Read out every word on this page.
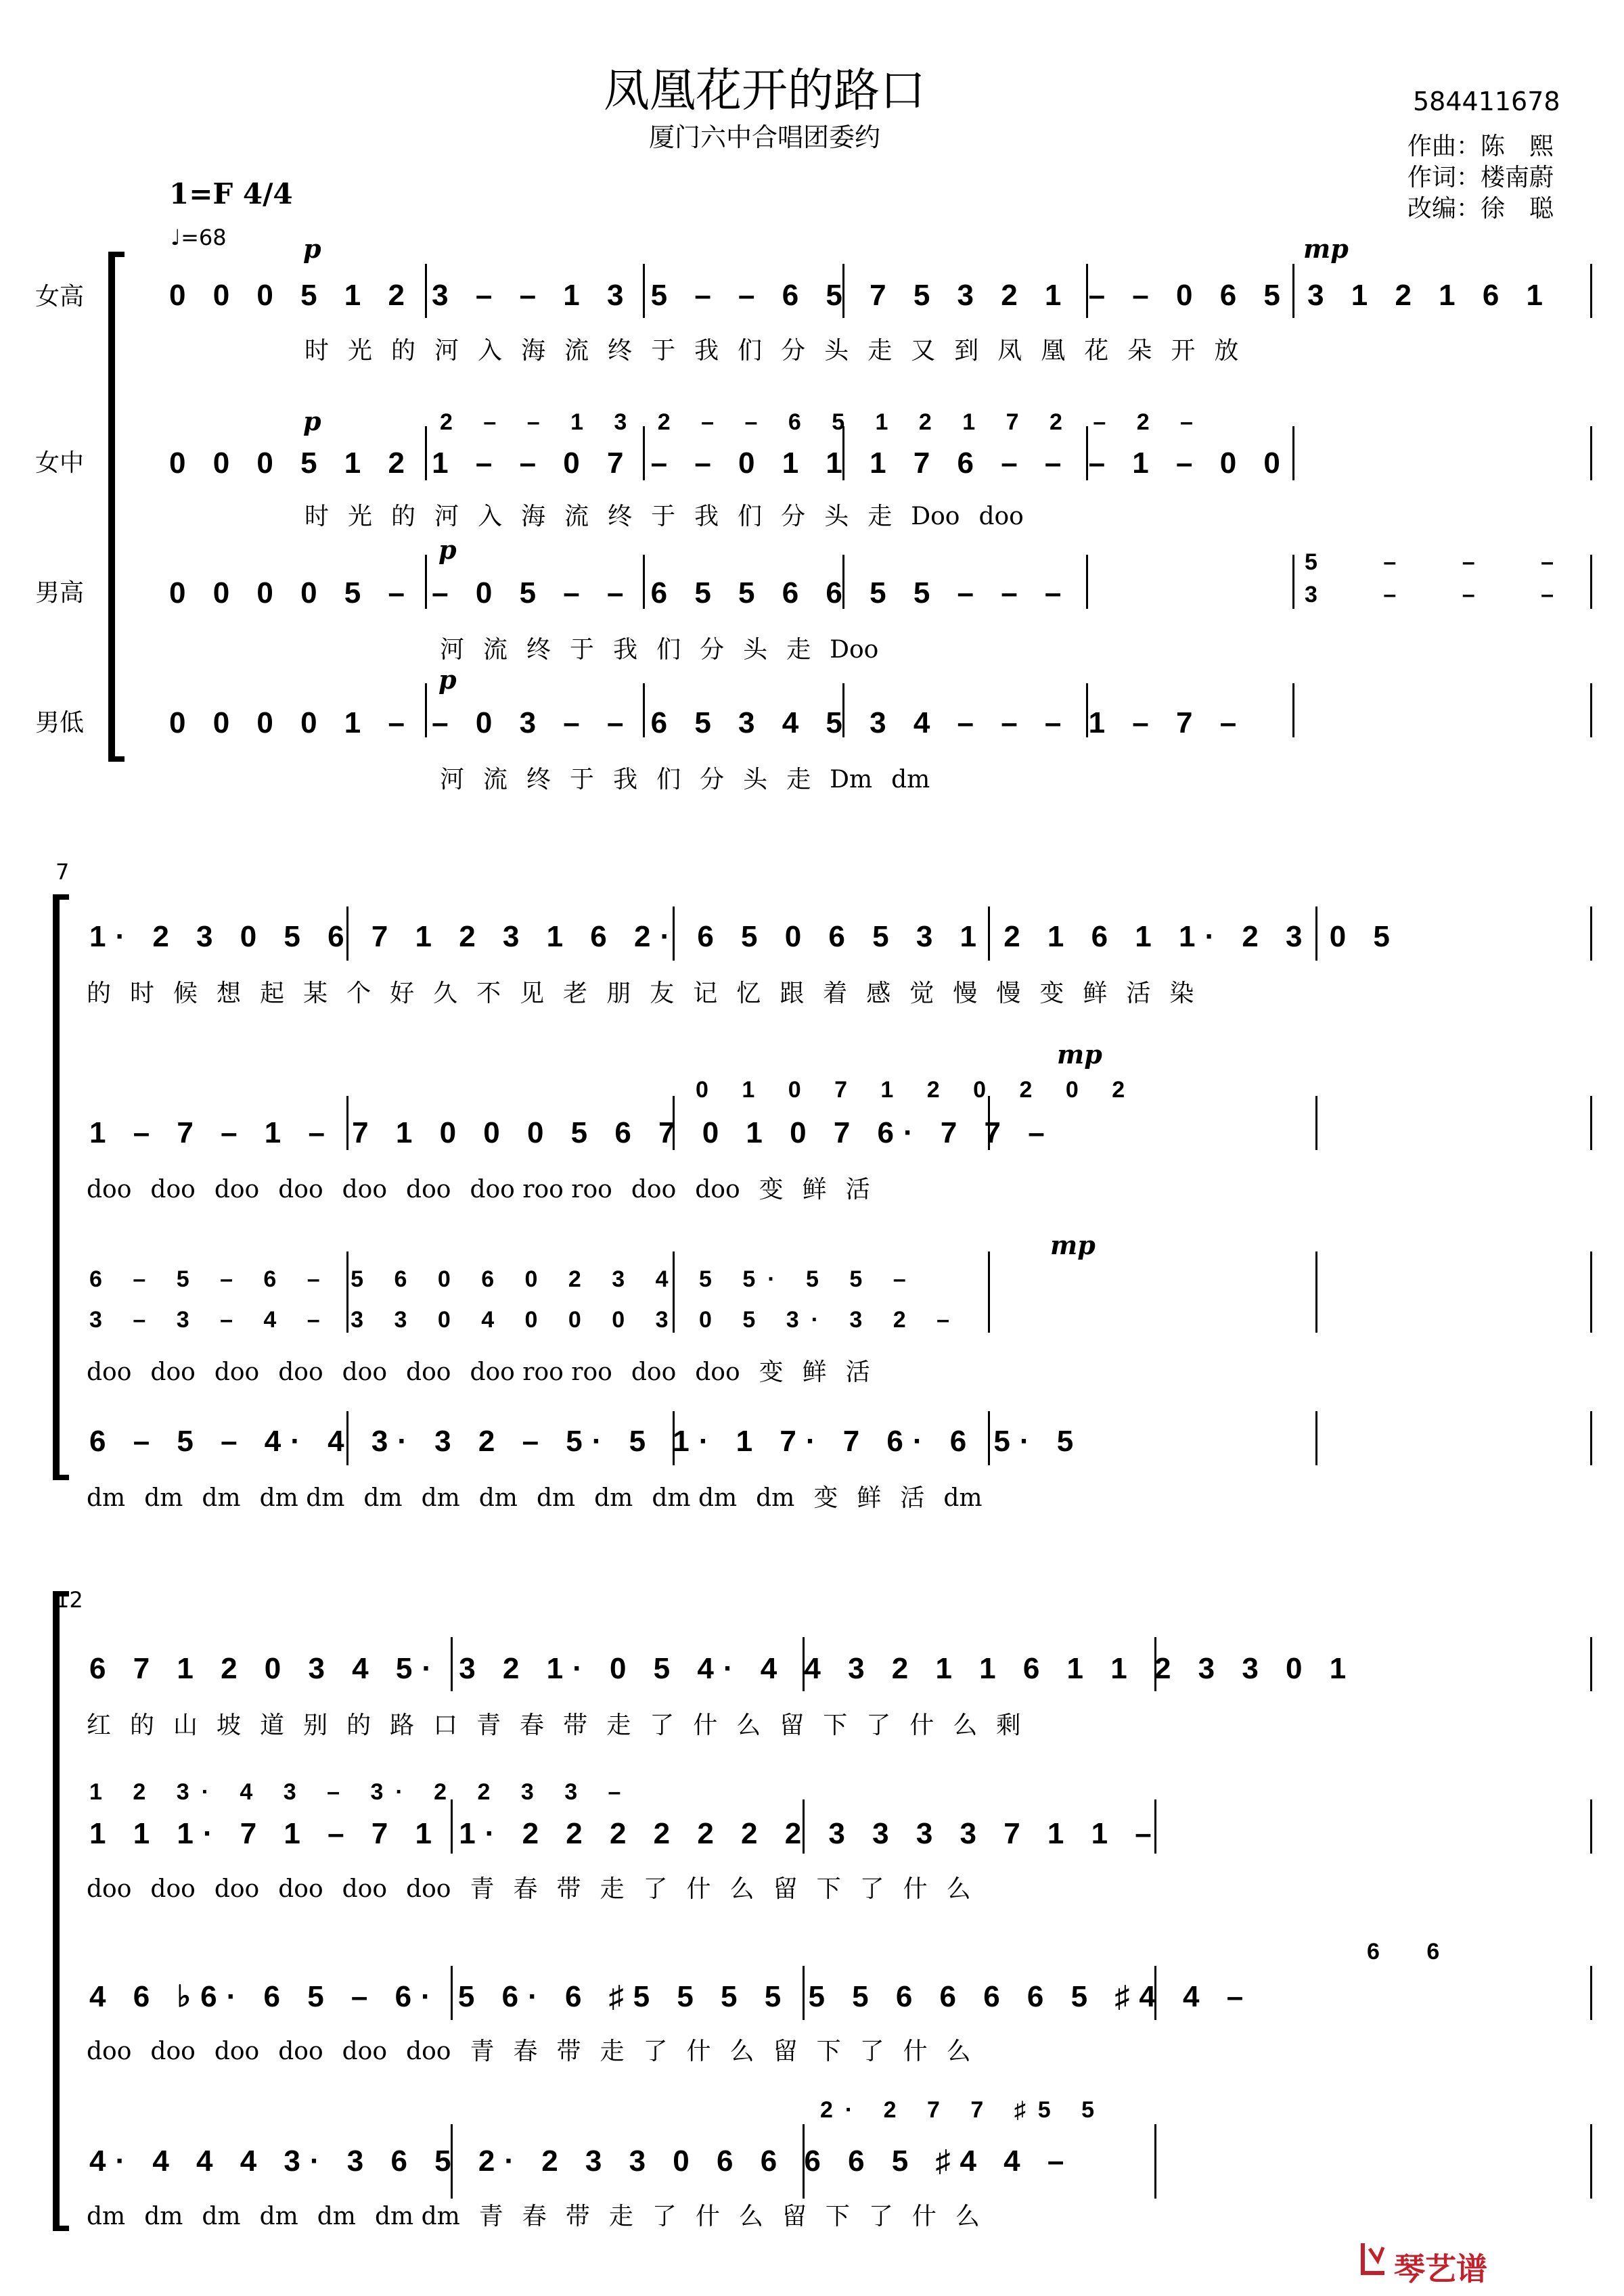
凤凰花开的路口
厦门六中合唱团委约
584411678
作曲：陈　熙
作词：楼南蔚
改编：徐　聪
1=F 4/4
♩=68
女高
女中
男高
男低
7
12
p
p
p
p
mp
mp
mp
0 0 0 5 1 2 3 – – 1 3 5 – – 6 5 7 5 3 2 1 – – 0 6 5 3 1 2 1 6 1
时 光 的 河 入 海 流 终 于 我 们 分 头 走 又 到 凤 凰 花 朵 开 放
2 – – 1 3 2 – – 6 5 1 2 1 7 2 – 2 –
0 0 0 5 1 2 1 – – 0 7 – – 0 1 1 1 7 6 – – – 1 – 0 0
时 光 的 河 入 海 流 终 于 我 们 分 头 走 Doo doo
5 – – –
3 – – –
0 0 0 0 5 – – 0 5 – – 6 5 5 6 6 5 5 – – –
河 流 终 于 我 们 分 头 走 Doo
0 0 0 0 1 – – 0 3 – – 6 5 3 4 5 3 4 – – – 1 – 7 –
河 流 终 于 我 们 分 头 走 Dm dm
1· 2 3 0 5 6 7 1 2 3 1 6 2· 6 5 0 6 5 3 1 2 1 6 1 1· 2 3 0 5
的 时 候 想 起 某 个 好 久 不 见 老 朋 友 记 忆 跟 着 感 觉 慢 慢 变 鲜 活 染
0 1 0 7 1 2 0 2 0 2
1 – 7 – 1 – 7 1 0 0 0 5 6 7 0 1 0 7 6· 7 7 –
doo doo doo doo doo doo doo roo roo doo doo 变 鲜 活
6 – 5 – 6 – 5 6 0 6 0 2 3 4 5 5· 5 5 –
3 – 3 – 4 – 3 3 0 4 0 0 0 3 0 5 3· 3 2 –
doo doo doo doo doo doo doo roo roo doo doo 变 鲜 活
6 – 5 – 4· 4 3· 3 2 – 5· 5 1· 1 7· 7 6· 6 5· 5
dm dm dm dm dm dm dm dm dm dm dm dm dm 变 鲜 活 dm
6 7 1 2 0 3 4 5· 3 2 1· 0 5 4· 4 4 3 2 1 1 6 1 1 2 3 3 0 1
红 的 山 坡 道 别 的 路 口 青 春 带 走 了 什 么 留 下 了 什 么 剩
1 2 3· 4 3 – 3· 2 2 3 3 –
1 1 1· 7 1 – 7 1 1· 2 2 2 2 2 2 2 3 3 3 3 7 1 1 –
doo doo doo doo doo doo 青 春 带 走 了 什 么 留 下 了 什 么
6 6
4 6 ♭6· 6 5 – 6· 5 6· 6 ♯5 5 5 5 5 5 6 6 6 6 5 ♯4 4 –
doo doo doo doo doo doo 青 春 带 走 了 什 么 留 下 了 什 么
2· 2 7 7 ♯5 5
4· 4 4 4 3· 3 6 5 2· 2 3 3 0 6 6 6 6 5 ♯4 4 –
dm dm dm dm dm dm dm 青 春 带 走 了 什 么 留 下 了 什 么
琴艺谱
